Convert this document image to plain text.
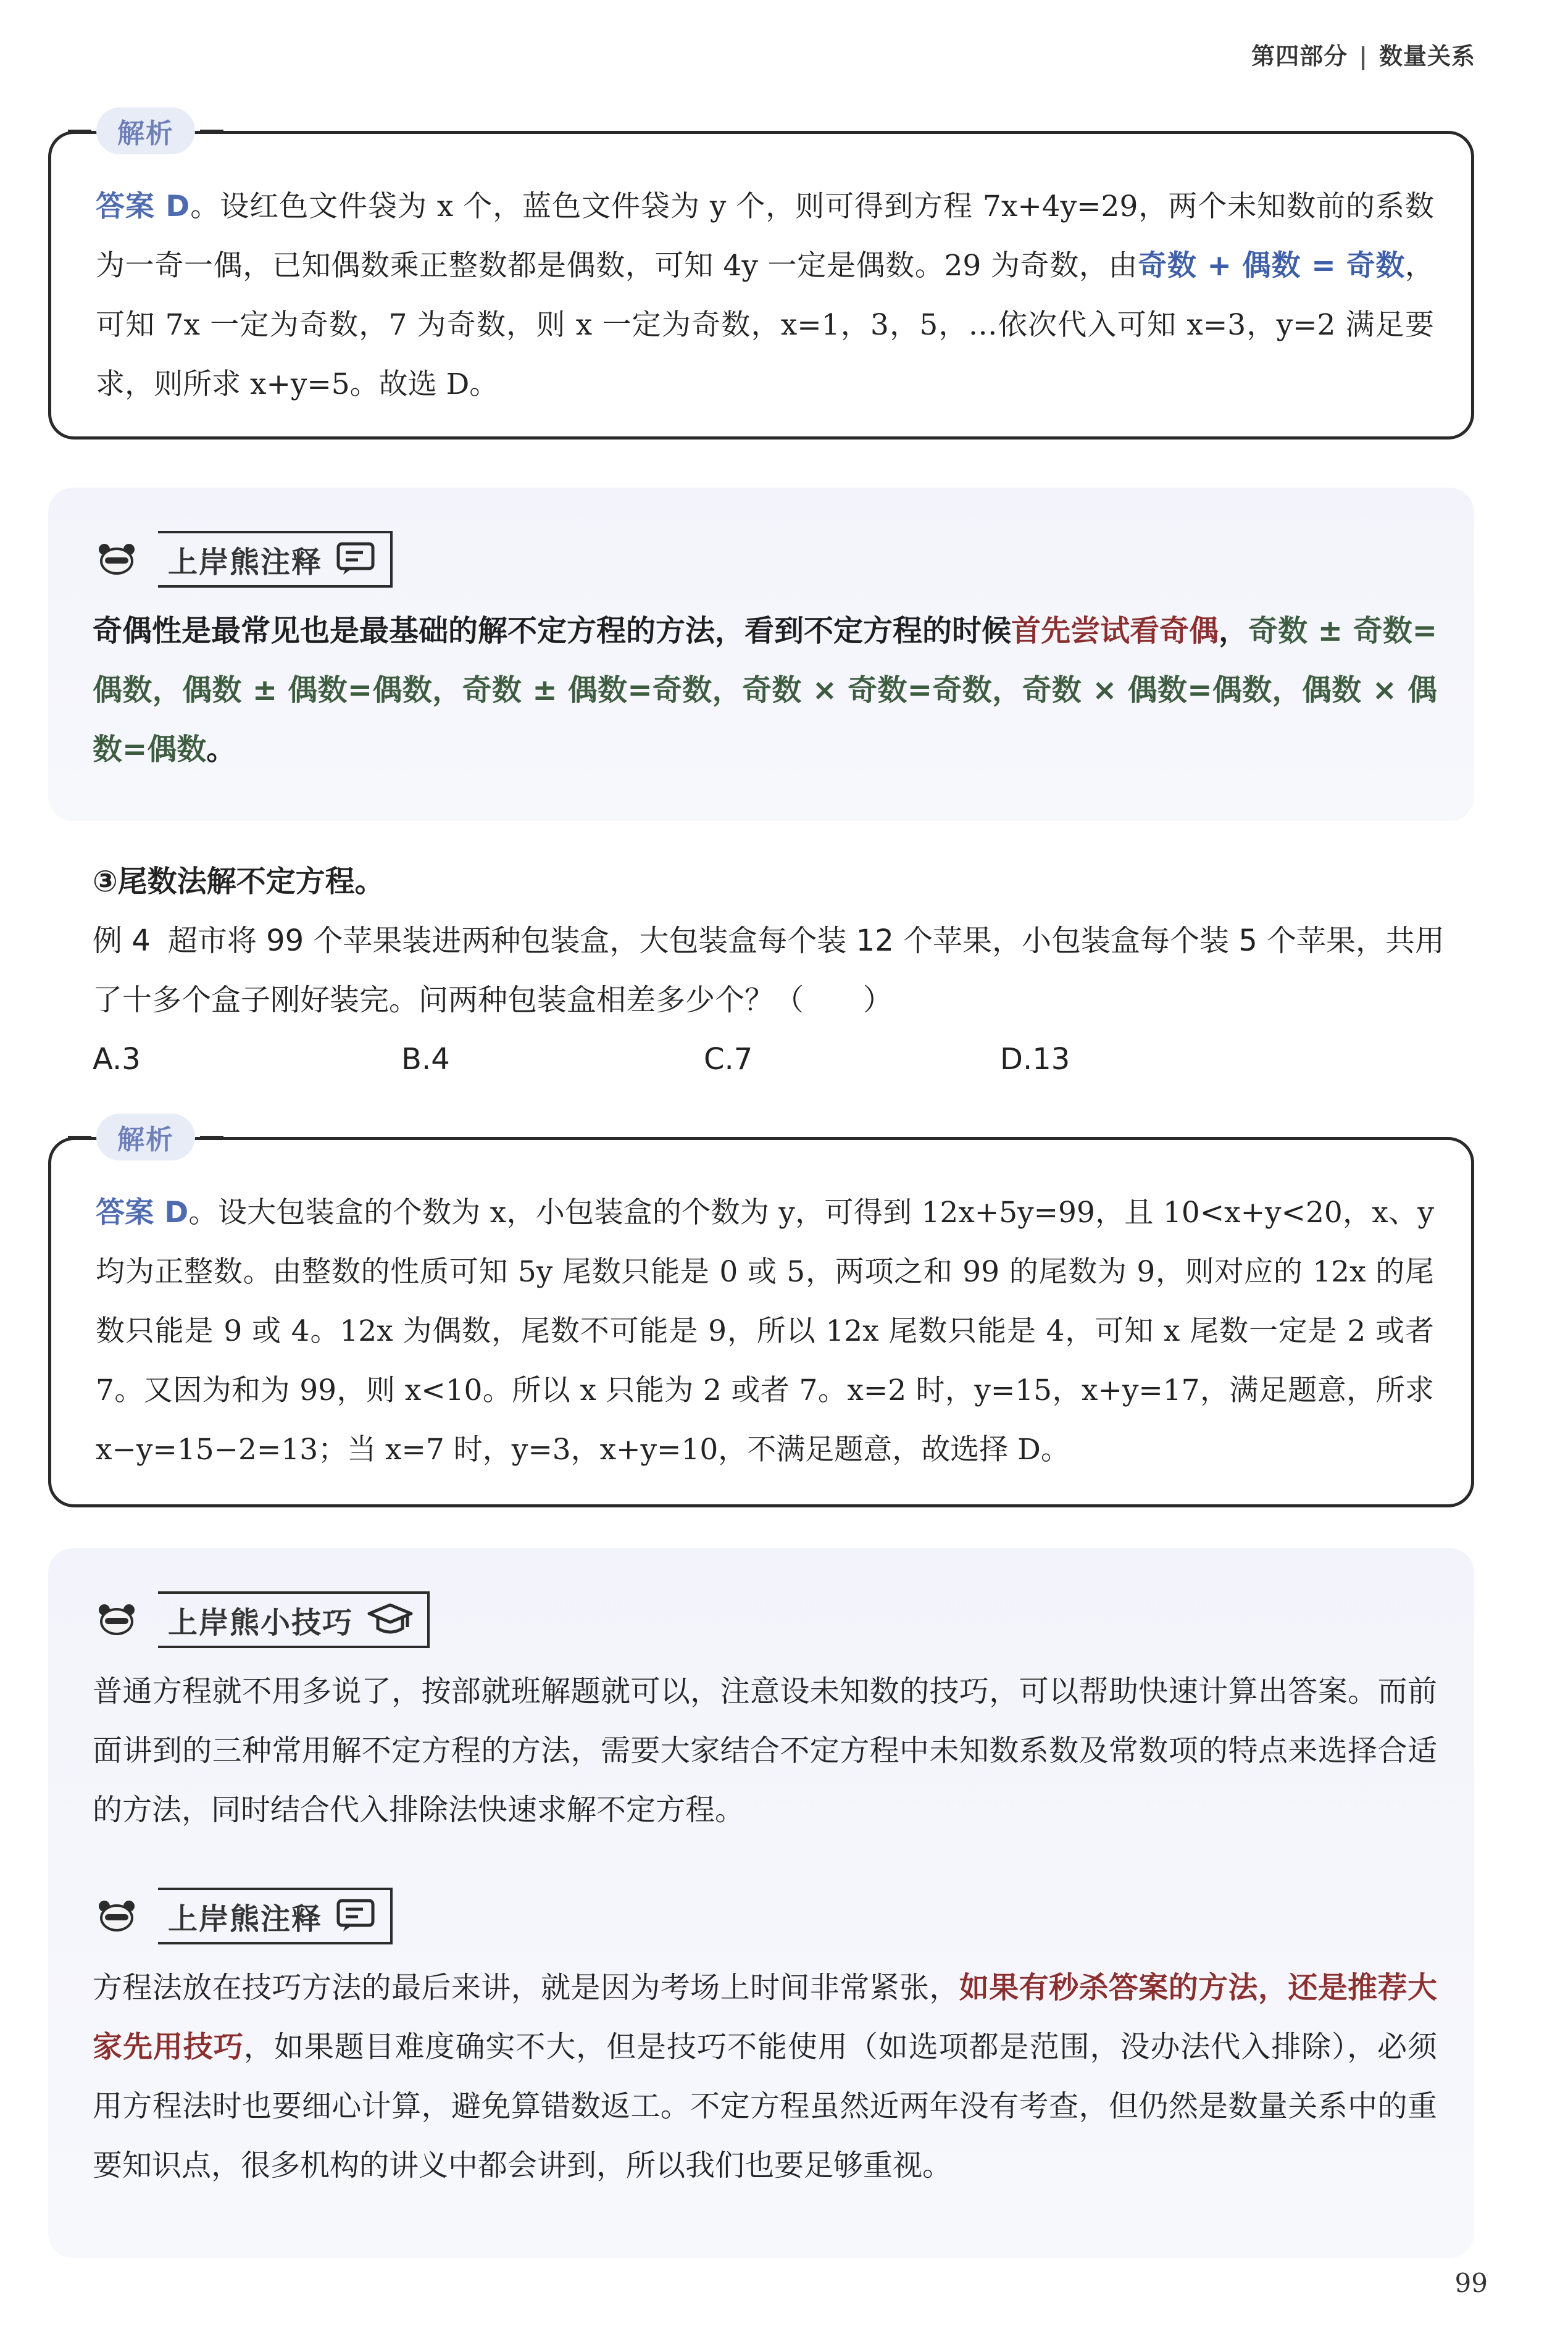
第四部分 | 数量关系

答案 D。设红色文件袋为 x 个，蓝色文件袋为 y 个，则可得到方程 7x+4y=29，两个未知数前的系数为一奇一偶，已知偶数乘正整数都是偶数，可知 4y 一定是偶数。29 为奇数，由奇数 + 偶数 = 奇数，可知 7x 一定为奇数，7 为奇数，则 x 一定为奇数，x=1，3，5，…依次代入可知 x=3，y=2 满足要求，则所求 x+y=5。故选 D。

解析
上岸熊注释

奇偶性是最常见也是最基础的解不定方程的方法，看到不定方程的时候首先尝试看奇偶，奇数 ± 奇数=偶数，偶数 ± 偶数=偶数，奇数 ± 偶数=奇数，奇数 × 奇数=奇数，奇数 × 偶数=偶数，偶数 × 偶数=偶数。

③尾数法解不定方程。

例 4 超市将 99 个苹果装进两种包装盒，大包装盒每个装 12 个苹果，小包装盒每个装 5 个苹果，共用了十多个盒子刚好装完。问两种包装盒相差多少个？（　　）

A.3	B.4	C.7	D.13

答案 D。设大包装盒的个数为 x，小包装盒的个数为 y，可得到 12x+5y=99，且 10<x+y<20，x、y 均为正整数。由整数的性质可知 5y 尾数只能是 0 或 5，两项之和 99 的尾数为 9，则对应的 12x 的尾数只能是 9 或 4。12x 为偶数，尾数不可能是 9，所以 12x 尾数只能是 4，可知 x 尾数一定是 2 或者 7。又因为和为 99，则 x<10。所以 x 只能为 2 或者 7。x=2 时，y=15，x+y=17，满足题意，所求 x−y=15−2=13；当 x=7 时，y=3，x+y=10，不满足题意，故选择 D。

解析
上岸熊小技巧

普通方程就不用多说了，按部就班解题就可以，注意设未知数的技巧，可以帮助快速计算出答案。而前面讲到的三种常用解不定方程的方法，需要大家结合不定方程中未知数系数及常数项的特点来选择合适的方法，同时结合代入排除法快速求解不定方程。

上岸熊注释

方程法放在技巧方法的最后来讲，就是因为考场上时间非常紧张，如果有秒杀答案的方法，还是推荐大家先用技巧，如果题目难度确实不大，但是技巧不能使用（如选项都是范围，没办法代入排除），必须用方程法时也要细心计算，避免算错数返工。不定方程虽然近两年没有考查，但仍然是数量关系中的重要知识点，很多机构的讲义中都会讲到，所以我们也要足够重视。

99
